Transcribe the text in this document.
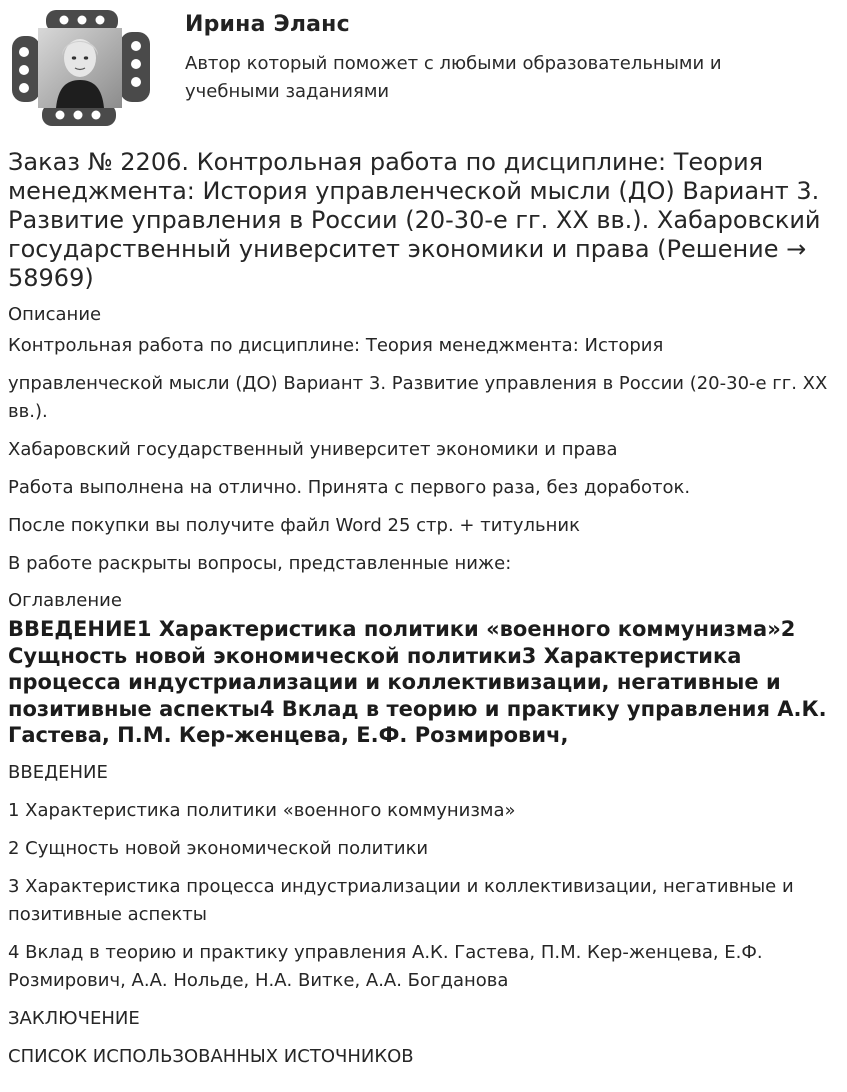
Ирина Эланс
Автор который поможет с любыми образовательными и учебными заданиями
Заказ № 2206. Контрольная работа по дисциплине: Теория менеджмента: История управленческой мысли (ДО) Вариант 3. Развитие управления в России (20-30-е гг. XX вв.). Хабаровский государственный университет экономики и права (Решение → 58969)
Описание
Контрольная работа по дисциплине: Теория менеджмента: История
управленческой мысли (ДО) Вариант 3. Развитие управления в России (20-30-е гг. XX вв.).
Хабаровский государственный университет экономики и права
Работа выполнена на отлично. Принята с первого раза, без доработок.
После покупки вы получите файл Word 25 стр. + титульник
В работе раскрыты вопросы, представленные ниже:
Оглавление
ВВЕДЕНИЕ1 Характеристика политики «военного коммунизма»2 Сущность новой экономической политики3 Характеристика процесса индустриализации и коллективизации, негативные и позитивные аспекты4 Вклад в теорию и практику управления А.К. Гастева, П.М. Кер-женцева, Е.Ф. Розмирович,
ВВЕДЕНИЕ
1 Характеристика политики «военного коммунизма»
2 Сущность новой экономической политики
3 Характеристика процесса индустриализации и коллективизации, негативные и позитивные аспекты
4 Вклад в теорию и практику управления А.К. Гастева, П.М. Кер-женцева, Е.Ф. Розмирович, А.А. Нольде, Н.А. Витке, А.А. Богданова
ЗАКЛЮЧЕНИЕ
СПИСОК ИСПОЛЬЗОВАННЫХ ИСТОЧНИКОВ
